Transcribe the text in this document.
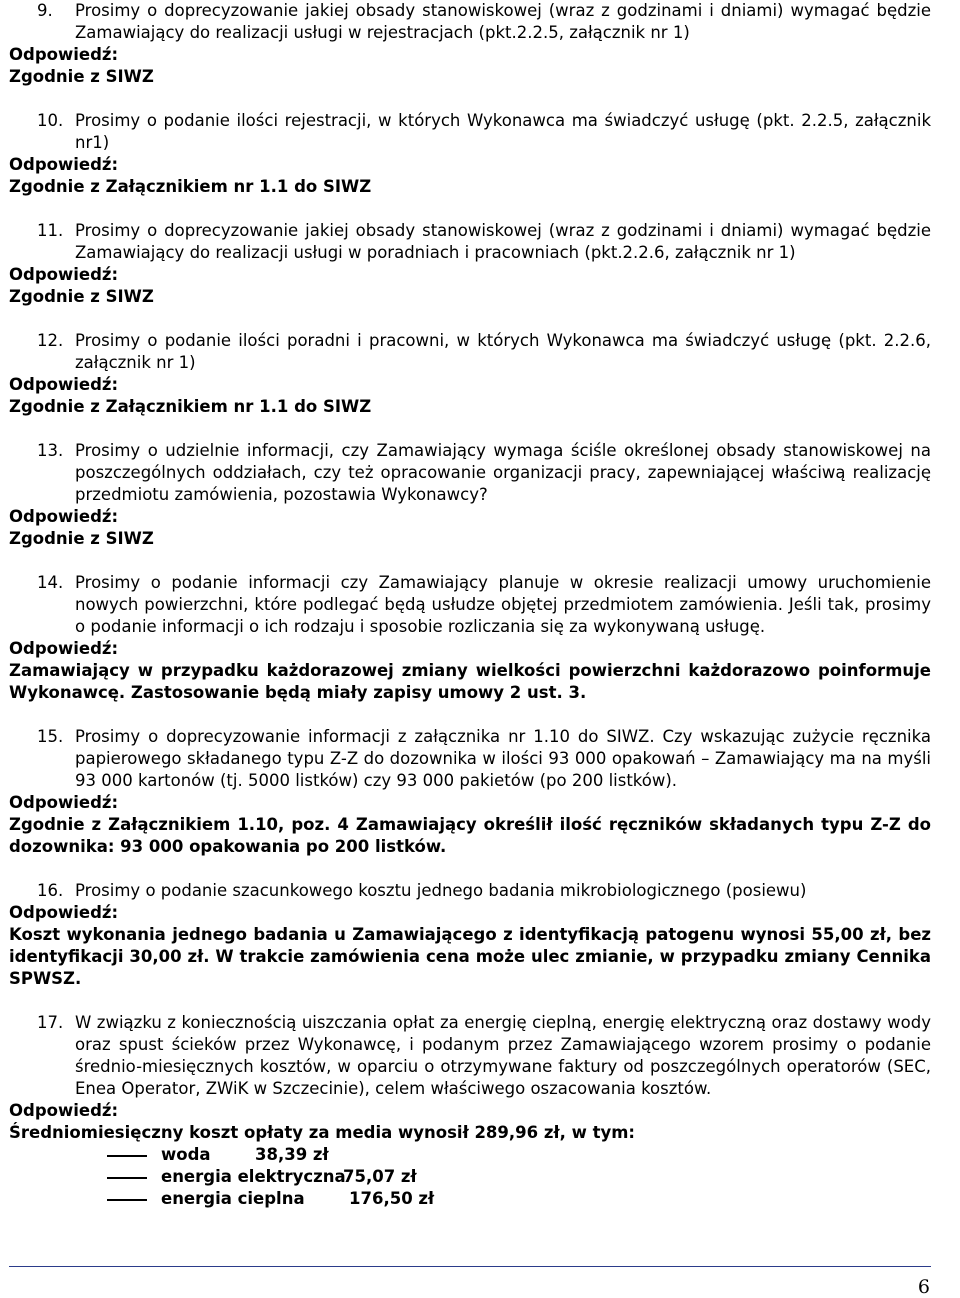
9. Prosimy o doprecyzowanie jakiej obsady stanowiskowej (wraz z godzinami i dniami) wymagać będzie Zamawiający do realizacji usługi w rejestracjach (pkt.2.2.5, załącznik nr 1)
Odpowiedź:
Zgodnie z SIWZ
10. Prosimy o podanie ilości rejestracji, w których Wykonawca ma świadczyć usługę (pkt. 2.2.5, załącznik nr1)
Odpowiedź:
Zgodnie z Załącznikiem nr 1.1 do SIWZ
11. Prosimy o doprecyzowanie jakiej obsady stanowiskowej (wraz z godzinami i dniami) wymagać będzie Zamawiający do realizacji usługi w poradniach i pracowniach (pkt.2.2.6, załącznik nr 1)
Odpowiedź:
Zgodnie z SIWZ
12. Prosimy o podanie ilości poradni i pracowni, w których Wykonawca ma świadczyć usługę (pkt. 2.2.6, załącznik nr 1)
Odpowiedź:
Zgodnie z Załącznikiem nr 1.1 do SIWZ
13. Prosimy o udzielnie informacji, czy Zamawiający wymaga ściśle określonej obsady stanowiskowej na poszczególnych oddziałach, czy też opracowanie organizacji pracy, zapewniającej właściwą realizację przedmiotu zamówienia, pozostawia Wykonawcy?
Odpowiedź:
Zgodnie z SIWZ
14. Prosimy o podanie informacji czy Zamawiający planuje w okresie realizacji umowy uruchomienie nowych powierzchni, które podlegać będą usłudze objętej przedmiotem zamówienia. Jeśli tak, prosimy o podanie informacji o ich rodzaju i sposobie rozliczania się za wykonywaną usługę.
Odpowiedź:
Zamawiający w przypadku każdorazowej zmiany wielkości powierzchni każdorazowo poinformuje Wykonawcę. Zastosowanie będą miały zapisy umowy 2 ust. 3.
15. Prosimy o doprecyzowanie informacji z załącznika nr 1.10 do SIWZ. Czy wskazując zużycie ręcznika papierowego składanego typu Z-Z do dozownika w ilości 93 000 opakowań – Zamawiający ma na myśli 93 000 kartonów (tj. 5000 listków) czy 93 000 pakietów (po 200 listków).
Odpowiedź:
Zgodnie z Załącznikiem 1.10, poz. 4 Zamawiający określił ilość ręczników składanych typu Z-Z do dozownika: 93 000 opakowania po 200 listków.
16. Prosimy o podanie szacunkowego kosztu jednego badania mikrobiologicznego (posiewu)
Odpowiedź:
Koszt wykonania jednego badania u Zamawiającego z identyfikacją patogenu wynosi 55,00 zł, bez identyfikacji 30,00 zł. W trakcie zamówienia cena może ulec zmianie, w przypadku zmiany Cennika SPWSZ.
17. W związku z koniecznością uiszczania opłat za energię cieplną, energię elektryczną oraz dostawy wody oraz spust ścieków przez Wykonawcę, i podanym przez Zamawiającego wzorem prosimy o podanie średnio-miesięcznych kosztów, w oparciu o otrzymywane faktury od poszczególnych operatorów (SEC, Enea Operator, ZWiK w Szczecinie), celem właściwego oszacowania kosztów.
Odpowiedź:
Średniomiesięczny koszt opłaty za media wynosił 289,96 zł, w tym:
woda	38,39 zł
energia elektryczna
75,07 zł
energia cieplna	176,50 zł
6
